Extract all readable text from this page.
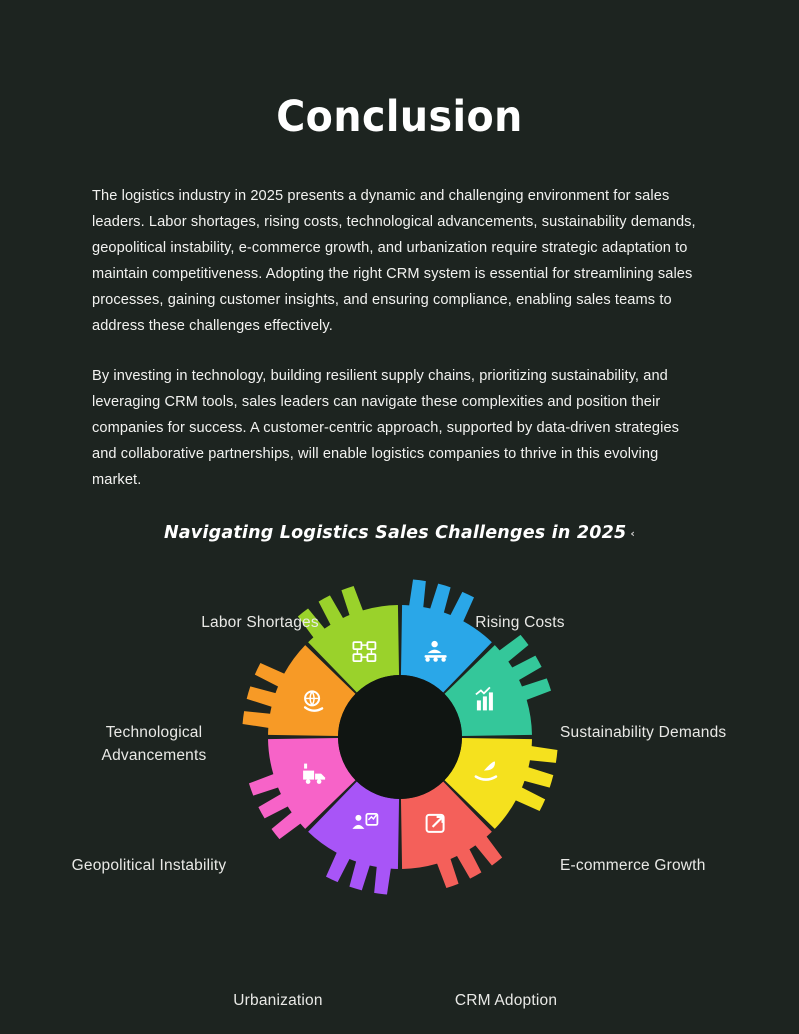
Conclusion

The logistics industry in 2025 presents a dynamic and challenging environment for sales leaders. Labor shortages, rising costs, technological advancements, sustainability demands, geopolitical instability, e-commerce growth, and urbanization require strategic adaptation to maintain competitiveness. Adopting the right CRM system is essential for streamlining sales processes, gaining customer insights, and ensuring compliance, enabling sales teams to address these challenges effectively.

By investing in technology, building resilient supply chains, prioritizing sustainability, and leveraging CRM tools, sales leaders can navigate these complexities and position their companies for success. A customer-centric approach, supported by data-driven strategies and collaborative partnerships, will enable logistics companies to thrive in this evolving market.

Navigating Logistics Sales Challenges in 2025 ‹
Labor Shortages	Rising Costs
Sustainability Demands
E-commerce Growth
CRM Adoption
Urbanization
Geopolitical Instability
Technological Advancements
